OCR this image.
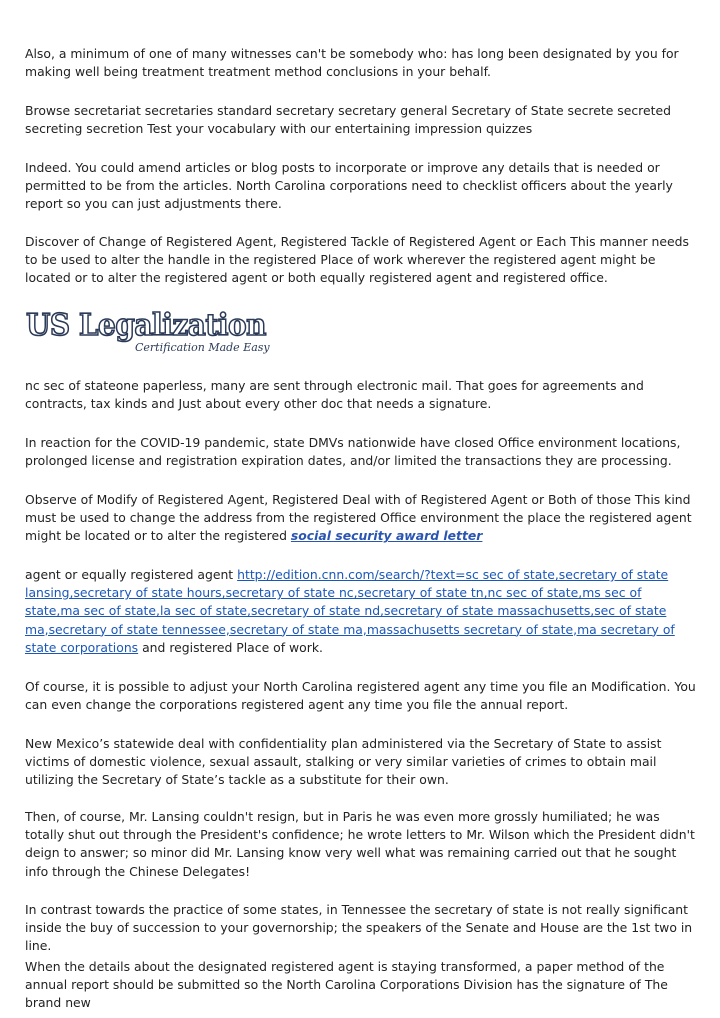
Also, a minimum of one of many witnesses can't be somebody who: has long been designated by you for making well being treatment treatment method conclusions in your behalf.

Browse secretariat secretaries standard secretary secretary general Secretary of State secrete secreted secreting secretion Test your vocabulary with our entertaining impression quizzes

Indeed. You could amend articles or blog posts to incorporate or improve any details that is needed or permitted to be from the articles. North Carolina corporations need to checklist officers about the yearly report so you can just adjustments there.

Discover of Change of Registered Agent, Registered Tackle of Registered Agent or Each This manner needs to be used to alter the handle in the registered Place of work wherever the registered agent might be located or to alter the registered agent or both equally registered agent and registered office.

US Legalization
Certification Made Easy

nc sec of stateone paperless, many are sent through electronic mail. That goes for agreements and contracts, tax kinds and Just about every other doc that needs a signature.

In reaction for the COVID-19 pandemic, state DMVs nationwide have closed Office environment locations, prolonged license and registration expiration dates, and/or limited the transactions they are processing.

Observe of Modify of Registered Agent, Registered Deal with of Registered Agent or Both of those This kind must be used to change the address from the registered Office environment the place the registered agent might be located or to alter the registered social security award letter

agent or equally registered agent http://edition.cnn.com/search/?text=sc sec of state,secretary of state lansing,secretary of state hours,secretary of state nc,secretary of state tn,nc sec of state,ms sec of state,ma sec of state,la sec of state,secretary of state nd,secretary of state massachusetts,sec of state ma,secretary of state tennessee,secretary of state ma,massachusetts secretary of state,ma secretary of state corporations and registered Place of work.

Of course, it is possible to adjust your North Carolina registered agent any time you file an Modification. You can even change the corporations registered agent any time you file the annual report.

New Mexico’s statewide deal with confidentiality plan administered via the Secretary of State to assist victims of domestic violence, sexual assault, stalking or very similar varieties of crimes to obtain mail utilizing the Secretary of State’s tackle as a substitute for their own.

Then, of course, Mr. Lansing couldn't resign, but in Paris he was even more grossly humiliated; he was totally shut out through the President's confidence; he wrote letters to Mr. Wilson which the President didn't deign to answer; so minor did Mr. Lansing know very well what was remaining carried out that he sought info through the Chinese Delegates!

In contrast towards the practice of some states, in Tennessee the secretary of state is not really significant inside the buy of succession to your governorship; the speakers of the Senate and House are the 1st two in line.

When the details about the designated registered agent is staying transformed, a paper method of the annual report should be submitted so the North Carolina Corporations Division has the signature of The brand new
